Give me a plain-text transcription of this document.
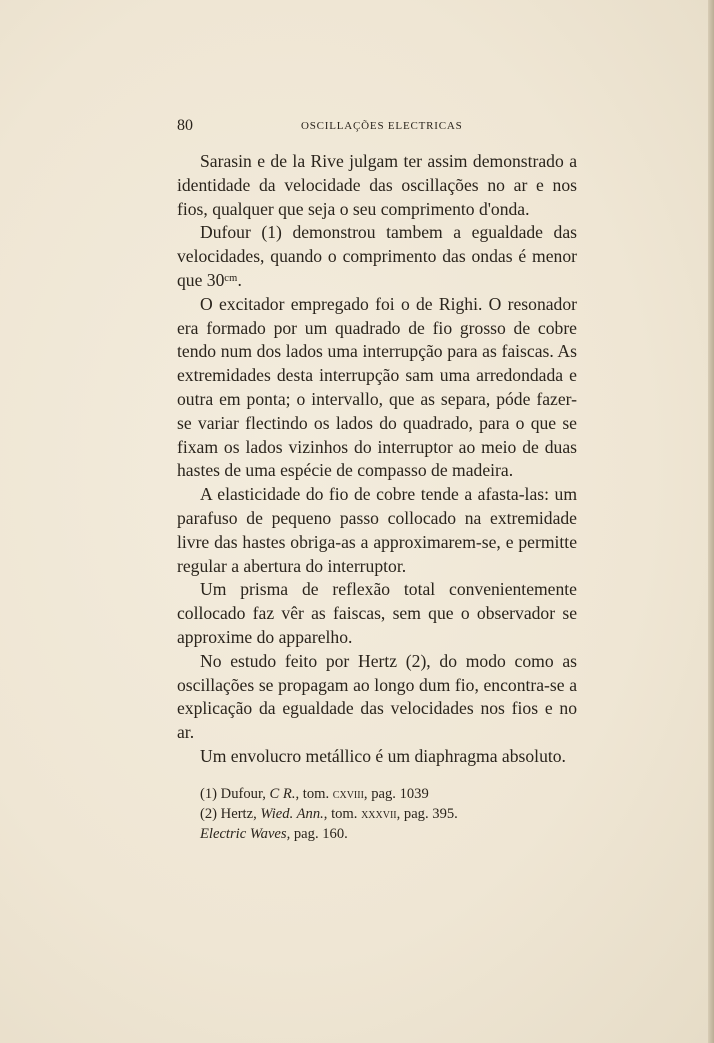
80	OSCILLAÇÕES ELECTRICAS

Sarasin e de la Rive julgam ter assim demonstrado a identidade da velocidade das oscillações no ar e nos fios, qualquer que seja o seu comprimento d'onda.

Dufour (1) demonstrou tambem a egualdade das velocidades, quando o comprimento das ondas é menor que 30ᶜᵐ.

O excitador empregado foi o de Righi. O resonador era formado por um quadrado de fio grosso de cobre tendo num dos lados uma interrupção para as faiscas. As extremidades desta interrupção sam uma arredondada e outra em ponta; o intervallo, que as separa, póde fazer-se variar flectindo os lados do quadrado, para o que se fixam os lados vizinhos do interruptor ao meio de duas hastes de uma espécie de compasso de madeira.

A elasticidade do fio de cobre tende a afasta-las: um parafuso de pequeno passo collocado na extremidade livre das hastes obriga-as a approximarem-se, e permitte regular a abertura do interruptor.

Um prisma de reflexão total convenientemente collocado faz vêr as faiscas, sem que o observador se approxime do apparelho.

No estudo feito por Hertz (2), do modo como as oscillações se propagam ao longo dum fio, encontra-se a explicação da egualdade das velocidades nos fios e no ar.

Um envolucro metállico é um diaphragma absoluto.

(1) Dufour, C R., tom. cxviii, pag. 1039
(2) Hertz, Wied. Ann., tom. xxxvii, pag. 395.
Electric Waves, pag. 160.
